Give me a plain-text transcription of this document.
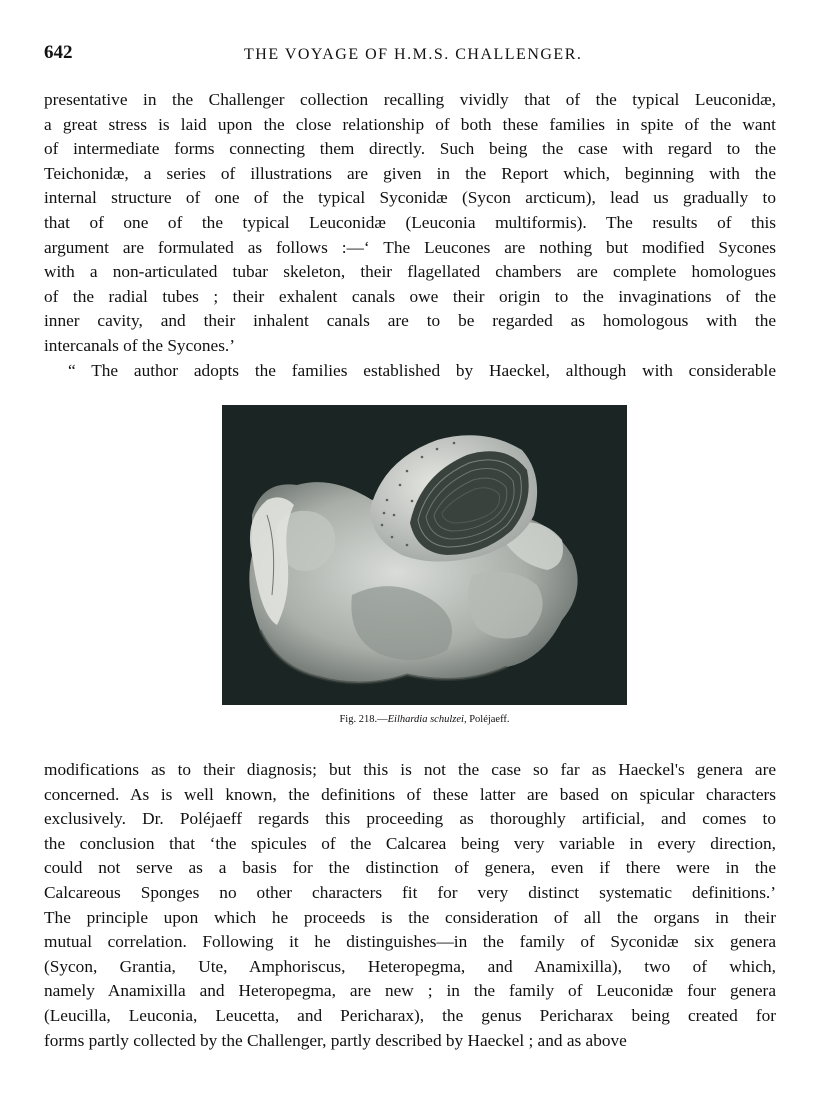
642	THE VOYAGE OF H.M.S. CHALLENGER.
presentative in the Challenger collection recalling vividly that of the typical Leuconidæ,
a great stress is laid upon the close relationship of both these families in spite of the want
of intermediate forms connecting them directly. Such being the case with regard to the
Teichonidæ, a series of illustrations are given in the Report which, beginning with the
internal structure of one of the typical Syconidæ (Sycon arcticum), lead us gradually to
that of one of the typical Leuconidæ (Leuconia multiformis). The results of this
argument are formulated as follows :—‘ The Leucones are nothing but modified Sycones
with a non-articulated tubar skeleton, their flagellated chambers are complete homologues
of the radial tubes ; their exhalent canals owe their origin to the invaginations of the
inner cavity, and their inhalent canals are to be regarded as homologous with the
intercanals of the Sycones.’
“ The author adopts the families established by Haeckel, although with considerable
Fig. 218.—Eilhardia schulzei, Poléjaeff.
modifications as to their diagnosis; but this is not the case so far as Haeckel's genera are
concerned. As is well known, the definitions of these latter are based on spicular characters
exclusively. Dr. Poléjaeff regards this proceeding as thoroughly artificial, and comes to
the conclusion that ‘the spicules of the Calcarea being very variable in every direction,
could not serve as a basis for the distinction of genera, even if there were in the
Calcareous Sponges no other characters fit for very distinct systematic definitions.’
The principle upon which he proceeds is the consideration of all the organs in their
mutual correlation. Following it he distinguishes—in the family of Syconidæ six genera
(Sycon, Grantia, Ute, Amphoriscus, Heteropegma, and Anamixilla), two of which,
namely Anamixilla and Heteropegma, are new ; in the family of Leuconidæ four genera
(Leucilla, Leuconia, Leucetta, and Pericharax), the genus Pericharax being created for
forms partly collected by the Challenger, partly described by Haeckel ; and as above
